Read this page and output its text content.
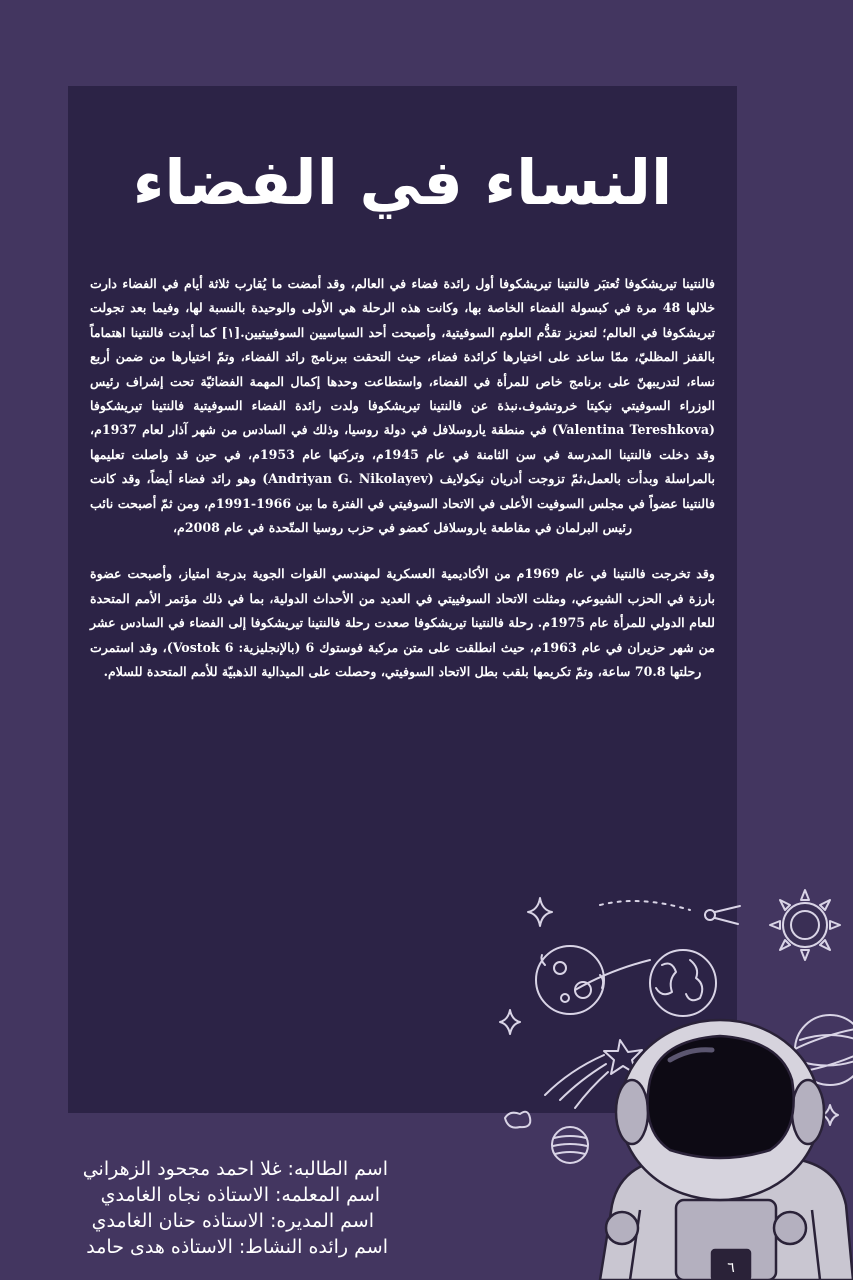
النساء في الفضاء

فالنتينا تيريشكوفا تُعتبَر فالنتينا تيريشكوفا أول رائدة فضاء في العالم، وقد أمضت ما يُقارب ثلاثة أيام في الفضاء دارت خلالها 48 مرة في كبسولة الفضاء الخاصة بها، وكانت هذه الرحلة هي الأولى والوحيدة بالنسبة لها، وفيما بعد تجولت تيريشكوفا في العالم؛ لتعزيز تقدُّم العلوم السوفيتية، وأصبحت أحد السياسيين السوفييتيين.[١] كما أبدت فالنتينا اهتماماً بالقفز المظليّ، ممّا ساعد على اختيارها كرائدة فضاء، حيث التحقت ببرنامج رائد الفضاء، وتمّ اختيارها من ضمن أربع نساء، لتدريبهنّ على برنامج خاص للمرأة في الفضاء، واستطاعت وحدها إكمال المهمة الفضائيّة تحت إشراف رئيس الوزراء السوفيتي نيكيتا خروتشوف.نبذة عن فالنتينا تيريشكوفا ولدت رائدة الفضاء السوفيتية فالنتينا تيريشكوفا (Valentina Tereshkova) في منطقة ياروسلافل في دولة روسيا، وذلك في السادس من شهر آذار لعام 1937م، وقد دخلت فالنتينا المدرسة في سن الثامنة في عام 1945م، وتركتها عام 1953م، في حين قد واصلت تعليمها بالمراسلة وبدأت بالعمل،ثمّ تزوجت أدريان نيكولايف (Andriyan G. Nikolayev) وهو رائد فضاء أيضاً، وقد كانت فالنتينا عضواً في مجلس السوفيت الأعلى في الاتحاد السوفيتي في الفترة ما بين 1966-1991م، ومن ثمّ أصبحت نائب رئيس البرلمان في مقاطعة ياروسلافل كعضو في حزب روسيا المتّحدة في عام 2008م،

وقد تخرجت فالنتينا في عام 1969م من الأكاديمية العسكرية لمهندسي القوات الجوية بدرجة امتياز، وأصبحت عضوة بارزة في الحزب الشيوعي، ومثلت الاتحاد السوفييتي في العديد من الأحداث الدولية، بما في ذلك مؤتمر الأمم المتحدة للعام الدولي للمرأة عام 1975م. رحلة فالنتينا تيريشكوفا صعدت رحلة فالنتينا تيريشكوفا إلى الفضاء في السادس عشر من شهر حزيران في عام 1963م، حيث انطلقت على متن مركبة فوستوك 6 (بالإنجليزية: Vostok 6)، وقد استمرت رحلتها 70.8 ساعة، وتمّ تكريمها بلقب بطل الاتحاد السوفيتي، وحصلت على الميدالية الذهبيّة للأمم المتحدة للسلام.

اسم الطالبه: غلا احمد مجحود الزهراني
اسم المعلمه: الاستاذه نجاه الغامدي
اسم المديره: الاستاذه حنان الغامدي
اسم رائده النشاط: الاستاذه هدى حامد
٦
